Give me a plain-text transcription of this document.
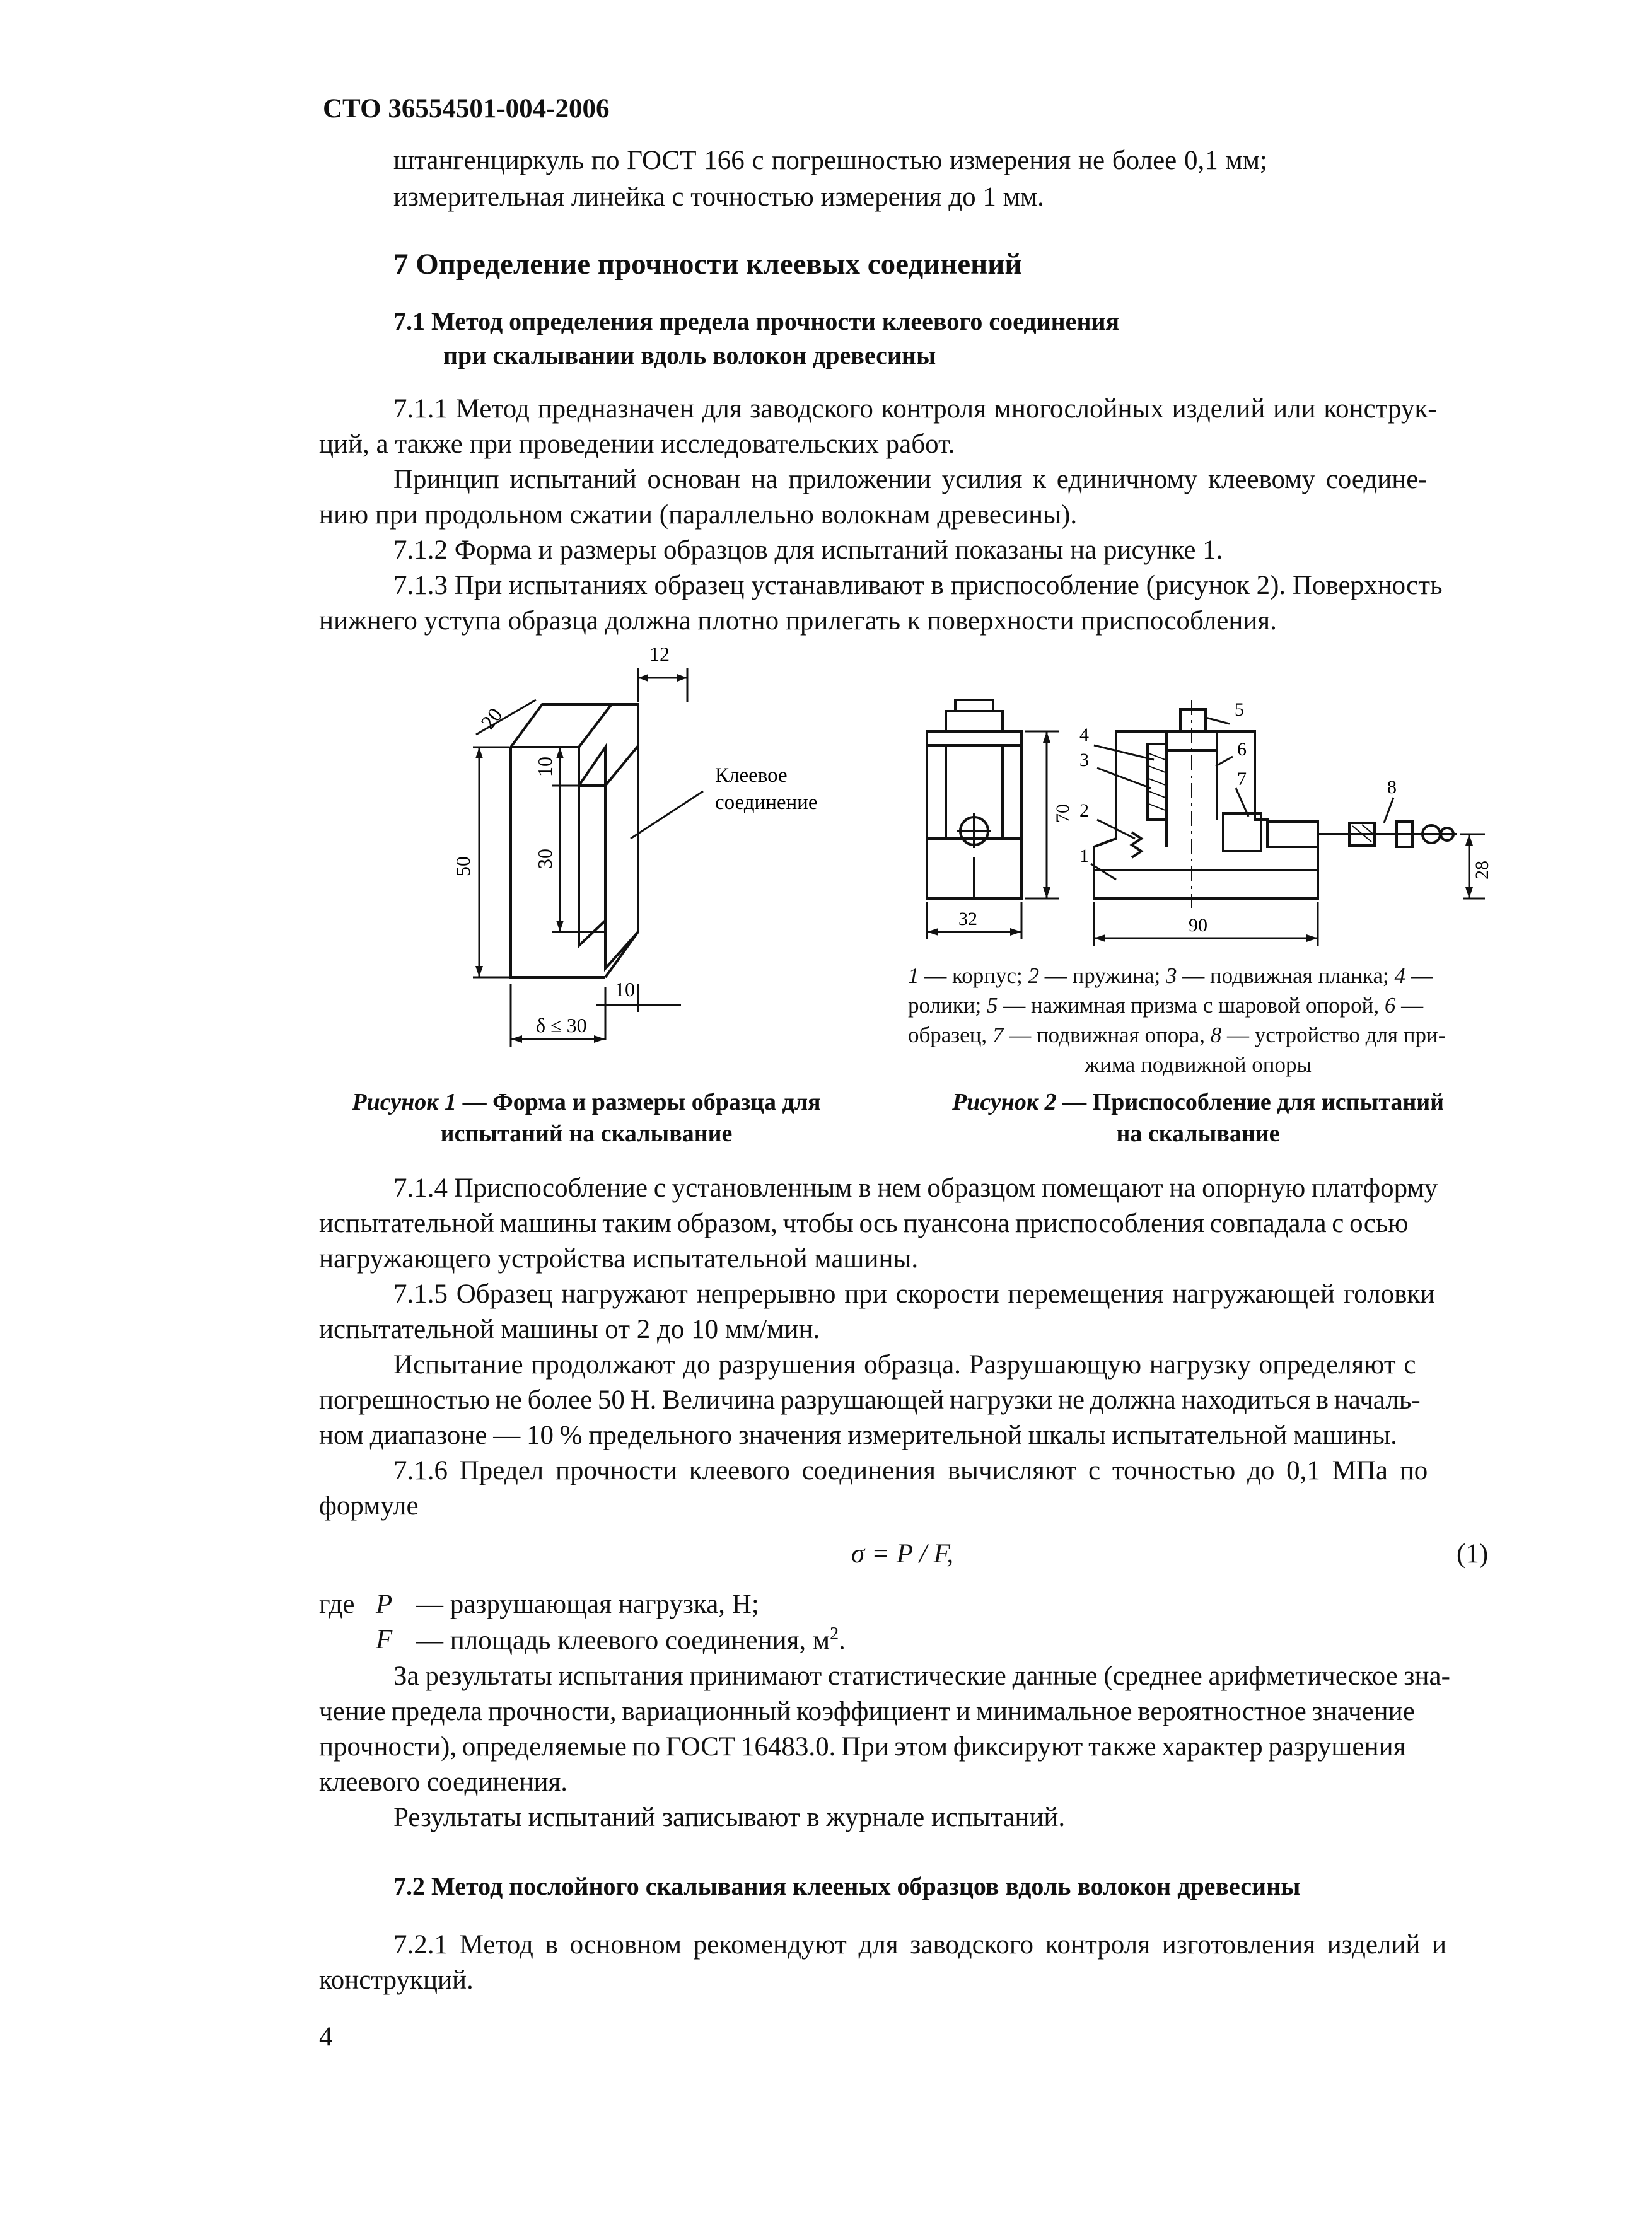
СТО 36554501-004-2006
штангенциркуль по ГОСТ 166 с погрешностью измерения не более 0,1 мм;
измерительная линейка с точностью измерения до 1 мм.
7 Определение прочности клеевых соединений
7.1 Метод определения предела прочности клеевого соединения
при скалывании вдоль волокон древесины
7.1.1 Метод предназначен для заводского контроля многослойных изделий или конструк-
ций, а также при проведении исследовательских работ.
Принцип испытаний основан на приложении усилия к единичному клеевому соедине-
нию при продольном сжатии (параллельно волокнам древесины).
7.1.2 Форма и размеры образцов для испытаний показаны на рисунке 1.
7.1.3 При испытаниях образец устанавливают в приспособление (рисунок 2). Поверхность
нижнего уступа образца должна плотно прилегать к поверхности приспособления.
12
20
50
10
30
10
δ ≤ 30
Клеевое
соединение
Рисунок 1 — Форма и размеры образца для
испытаний на скалывание
70
32	90
28
4
3
2
1
5
6
7	8
1 — корпус; 2 — пружина; 3 — подвижная планка; 4 —
ролики; 5 — нажимная призма с шаровой опорой, 6 —
образец, 7 — подвижная опора, 8 — устройство для при-
жима подвижной опоры
Рисунок 2 — Приспособление для испытаний
на скалывание
7.1.4 Приспособление с установленным в нем образцом помещают на опорную платформу
испытательной машины таким образом, чтобы ось пуансона приспособления совпадала с осью
нагружающего устройства испытательной машины.
7.1.5 Образец нагружают непрерывно при скорости перемещения нагружающей головки
испытательной машины от 2 до 10 мм/мин.
Испытание продолжают до разрушения образца. Разрушающую нагрузку определяют с
погрешностью не более 50 Н. Величина разрушающей нагрузки не должна находиться в началь-
ном диапазоне — 10 % предельного значения измерительной шкалы испытательной машины.
7.1.6 Предел прочности клеевого соединения вычисляют с точностью до 0,1 МПа по
формуле
σ = P / F,	(1)
где P — разрушающая нагрузка, Н;
F — площадь клеевого соединения, $м^2$.
За результаты испытания принимают статистические данные (среднее арифметическое зна-
чение предела прочности, вариационный коэффициент и минимальное вероятностное значение
прочности), определяемые по ГОСТ 16483.0. При этом фиксируют также характер разрушения
клеевого соединения.
Результаты испытаний записывают в журнале испытаний.
7.2 Метод послойного скалывания клееных образцов вдоль волокон древесины
7.2.1 Метод в основном рекомендуют для заводского контроля изготовления изделий и
конструкций.
4
